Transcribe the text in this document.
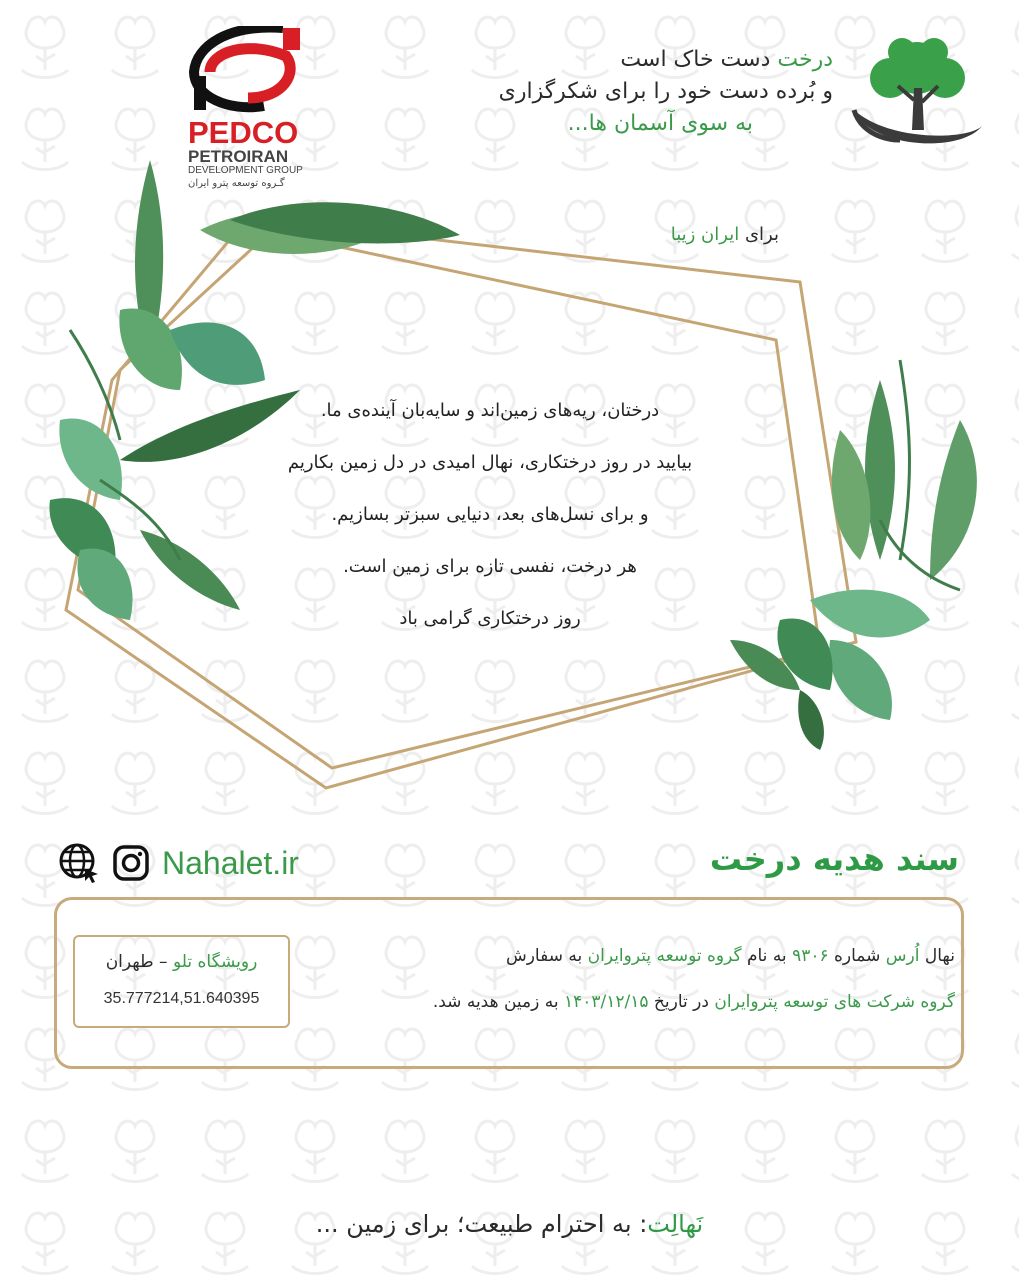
درخت دست خاک است
و بُرده دست خود را برای شکرگزاری
به سوی آسمان ها...
PEDCO
PETROIRAN
DEVELOPMENT GROUP
گـروه توسعه پترو ایران
برای ایران زیبا
درختان، ریه‌های زمین‌اند و سایه‌بان آینده‌ی ما.
بیایید در روز درختکاری، نهال امیدی در دل زمین بکاریم
و برای نسل‌های بعد، دنیایی سبزتر بسازیم.
هر درخت، نفسی تازه برای زمین است.
روز درختکاری گرامی باد
سند هدیه درخت
Nahalet.ir
نهال اُرس شماره ۹۳۰۶ به نام گروه توسعه پترو‌ایران به سفارش
گروه شرکت های توسعه پترو‌ایران در تاریخ ۱۴۰۳/۱۲/۱۵ به زمین هدیه شد.
رویشگاه تلو – طهران
35.777214,51.640395
نَهالِت: به احترام طبیعت؛ برای زمین ...
